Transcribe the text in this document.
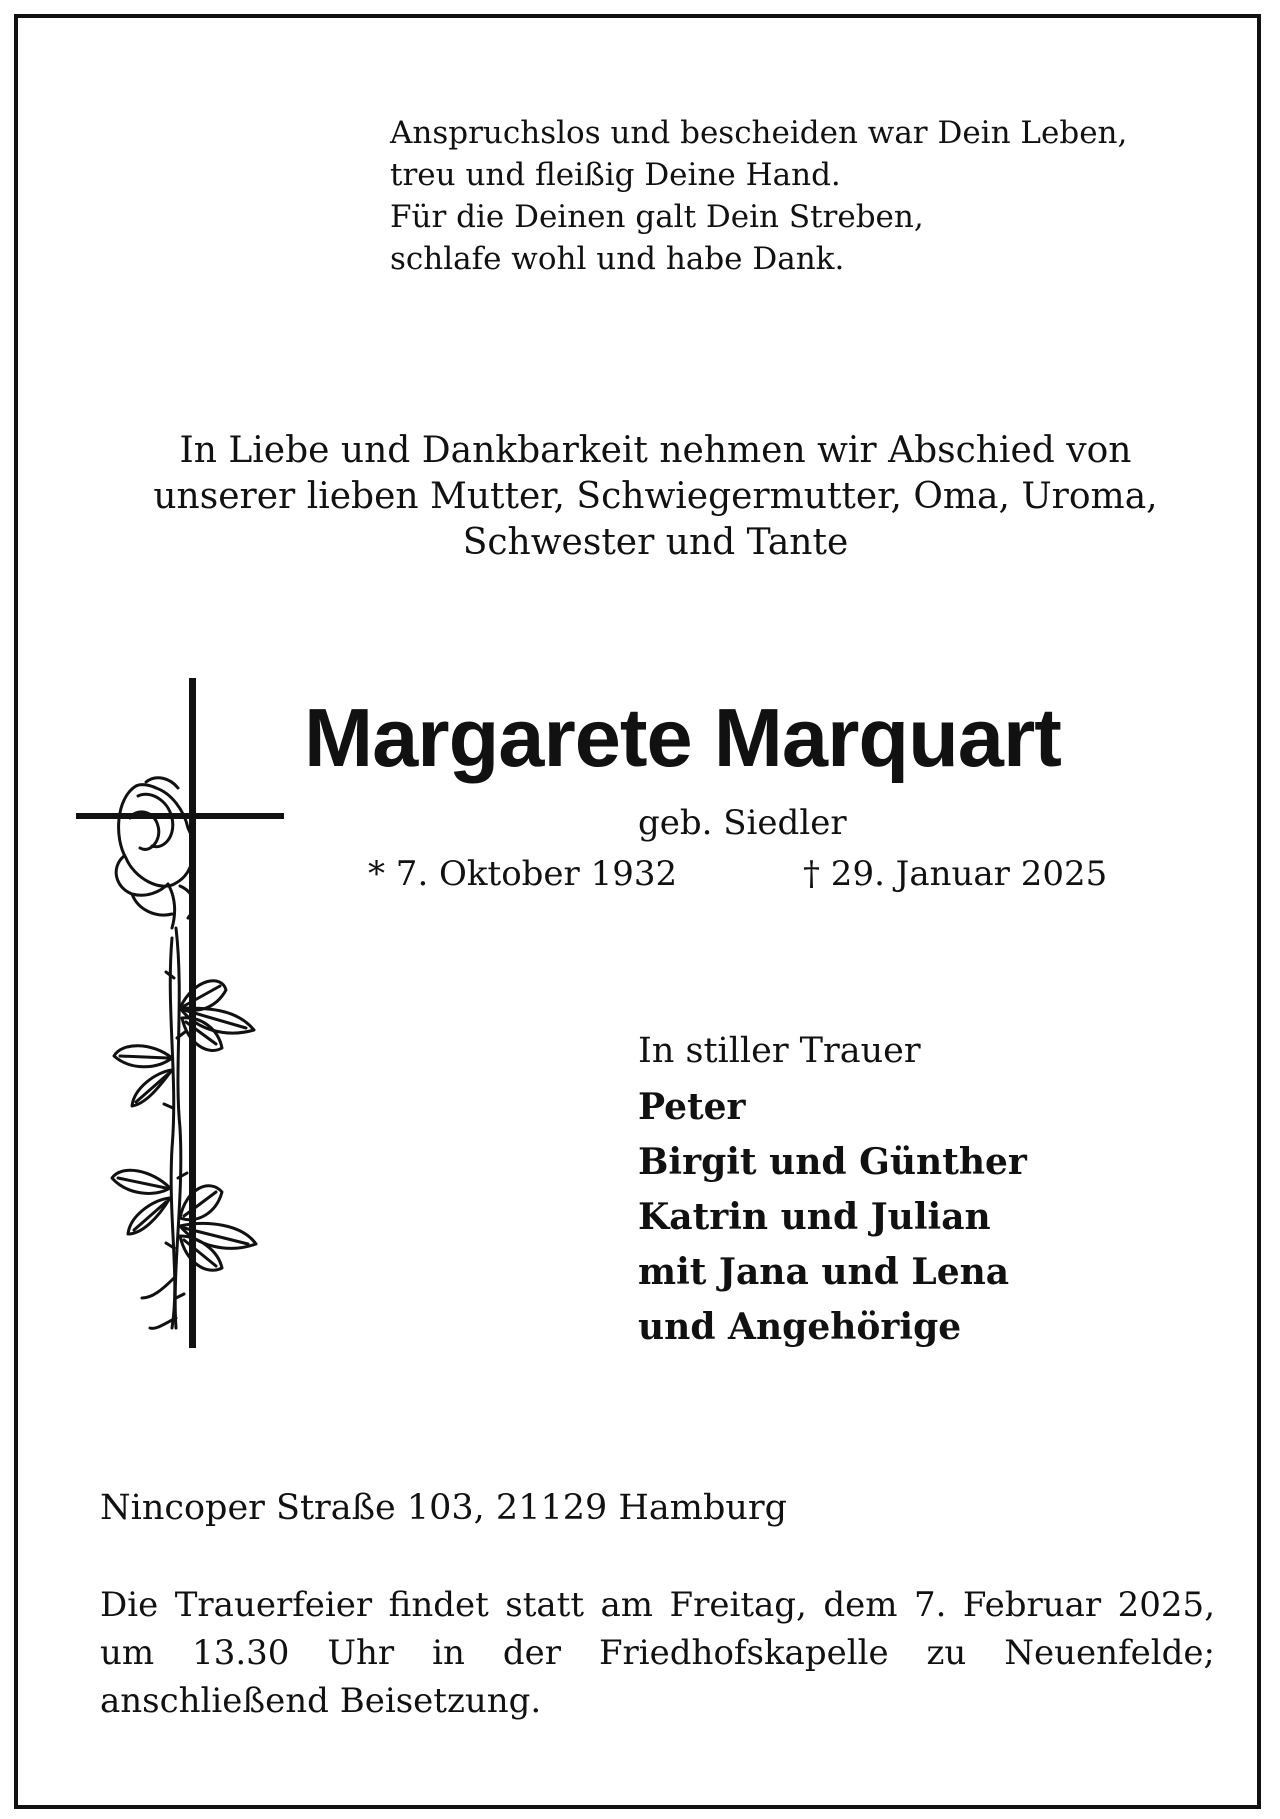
Anspruchslos und bescheiden war Dein Leben,
treu und fleißig Deine Hand.
Für die Deinen galt Dein Streben,
schlafe wohl und habe Dank.
In Liebe und Dankbarkeit nehmen wir Abschied von
unserer lieben Mutter, Schwiegermutter, Oma, Uroma,
Schwester und Tante
Margarete Marquart
geb. Siedler
* 7. Oktober 1932	† 29. Januar 2025
In stiller Trauer
Peter
Birgit und Günther
Katrin und Julian
mit Jana und Lena
und Angehörige
Nincoper Straße 103, 21129 Hamburg
Die Trauerfeier findet statt am Freitag, dem 7. Februar 2025, um 13.30 Uhr in der Friedhofskapelle zu Neuenfelde; anschließend Beisetzung.
